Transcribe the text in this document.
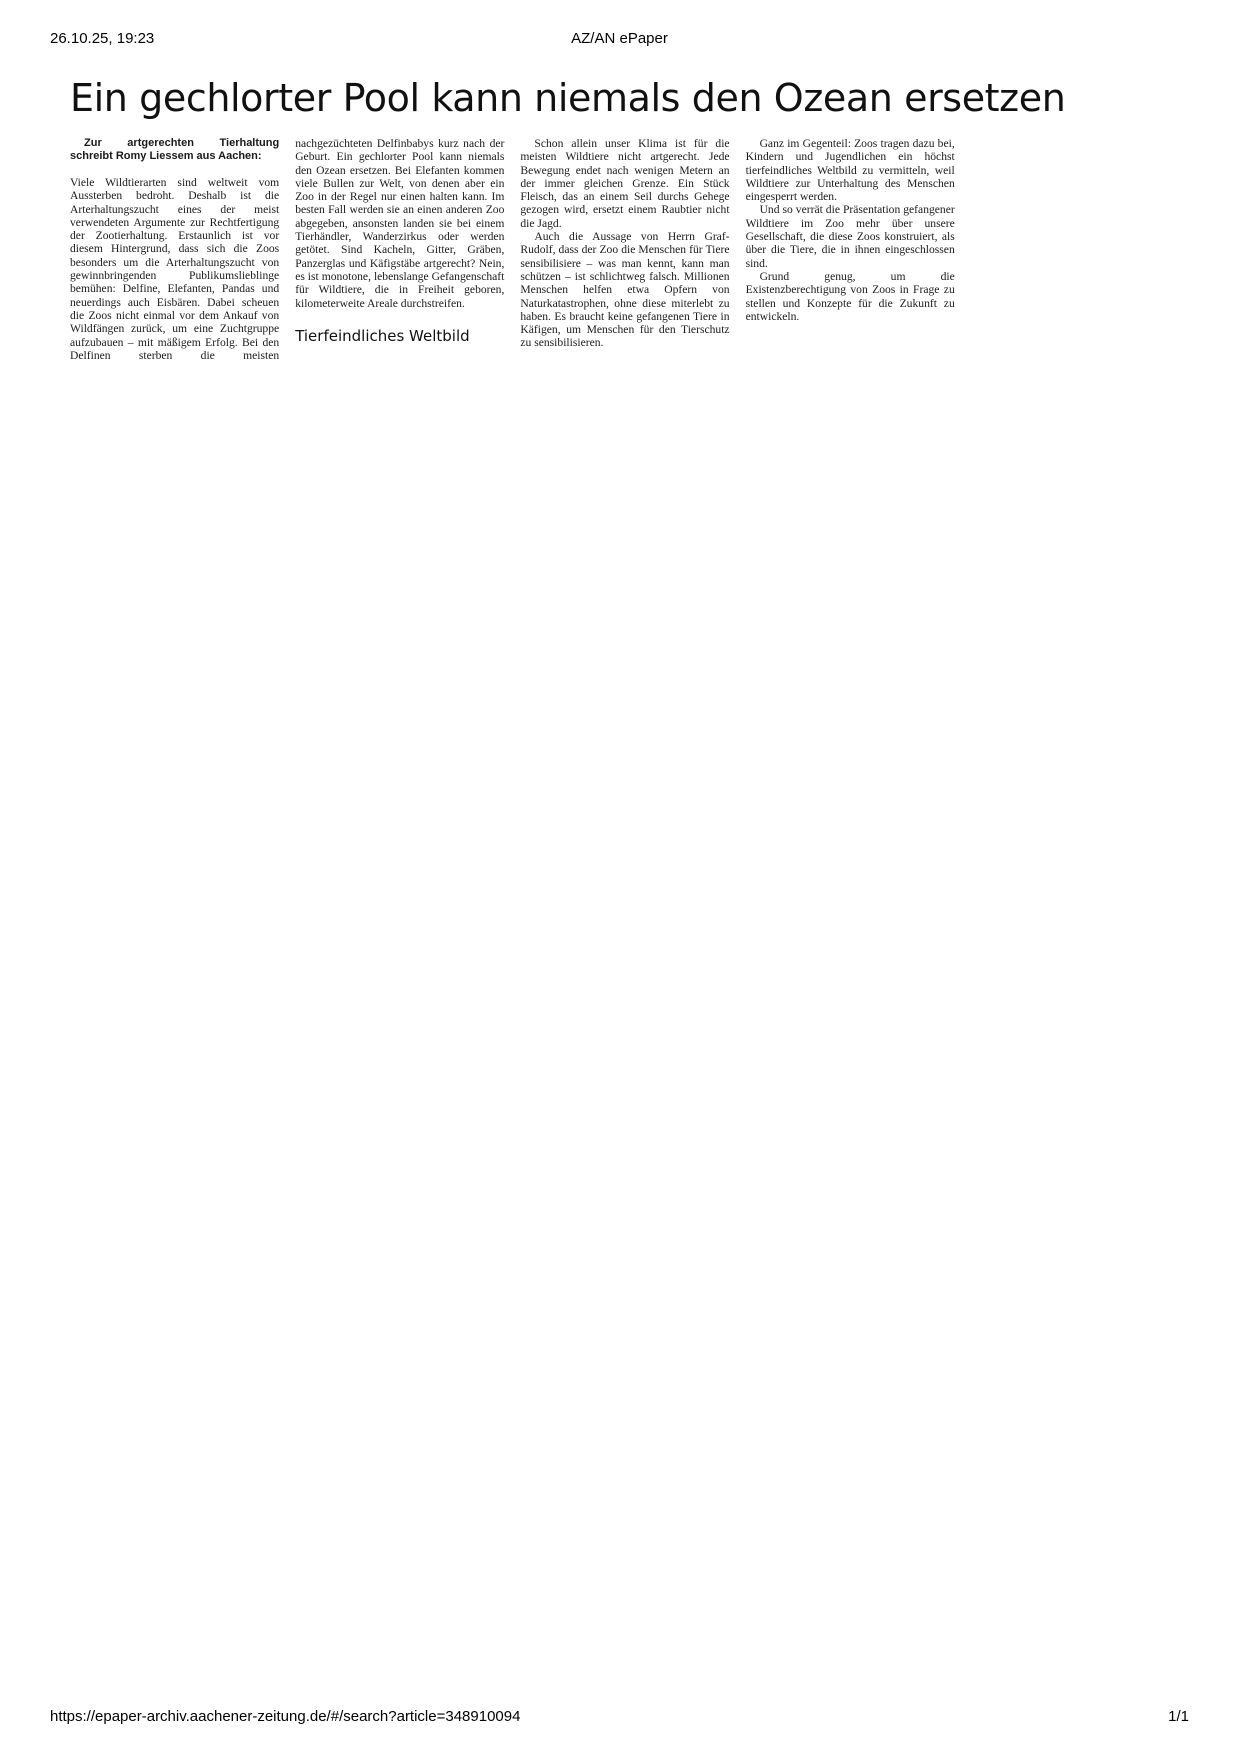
26.10.25, 19:23	AZ/AN ePaper
Ein gechlorter Pool kann niemals den Ozean ersetzen

Zur artgerechten Tierhaltung schreibt Romy Liessem aus Aachen:

Viele Wildtierarten sind weltweit vom Aussterben bedroht. Deshalb ist die Arterhaltungszucht eines der meist verwendeten Argumente zur Rechtfertigung der Zootierhaltung. Erstaunlich ist vor diesem Hintergrund, dass sich die Zoos besonders um die Arterhaltungszucht von gewinnbringenden Publikumslieblinge bemühen: Delfine, Elefanten, Pandas und neuerdings auch Eisbären. Dabei scheuen die Zoos nicht einmal vor dem Ankauf von Wildfängen zurück, um eine Zuchtgruppe aufzubauen – mit mäßigem Erfolg. Bei den Delfinen sterben die meisten nachgezüchteten Delfinbabys kurz nach der Geburt. Ein gechlorter Pool kann niemals den Ozean ersetzen. Bei Elefanten kommen viele Bullen zur Welt, von denen aber ein Zoo in der Regel nur einen halten kann. Im besten Fall werden sie an einen anderen Zoo abgegeben, ansonsten landen sie bei einem Tierhändler, Wanderzirkus oder werden getötet. Sind Kacheln, Gitter, Gräben, Panzerglas und Käfigstäbe artgerecht? Nein, es ist monotone, lebenslange Gefangenschaft für Wildtiere, die in Freiheit geboren, kilometerweite Areale durchstreifen.

Tierfeindliches Weltbild

Schon allein unser Klima ist für die meisten Wildtiere nicht artgerecht. Jede Bewegung endet nach wenigen Metern an der immer gleichen Grenze. Ein Stück Fleisch, das an einem Seil durchs Gehege gezogen wird, ersetzt einem Raubtier nicht die Jagd.

Auch die Aussage von Herrn Graf-Rudolf, dass der Zoo die Menschen für Tiere sensibilisiere – was man kennt, kann man schützen – ist schlichtweg falsch. Millionen Menschen helfen etwa Opfern von Naturkatastrophen, ohne diese miterlebt zu haben. Es braucht keine gefangenen Tiere in Käfigen, um Menschen für den Tierschutz zu sensibilisieren.

Ganz im Gegenteil: Zoos tragen dazu bei, Kindern und Jugendlichen ein höchst tierfeindliches Weltbild zu vermitteln, weil Wildtiere zur Unterhaltung des Menschen eingesperrt werden.

Und so verrät die Präsentation gefangener Wildtiere im Zoo mehr über unsere Gesellschaft, die diese Zoos konstruiert, als über die Tiere, die in ihnen eingeschlossen sind.

Grund genug, um die Existenzberechtigung von Zoos in Frage zu stellen und Konzepte für die Zukunft zu entwickeln.

https://epaper-archiv.aachener-zeitung.de/#/search?article=348910094	1/1
